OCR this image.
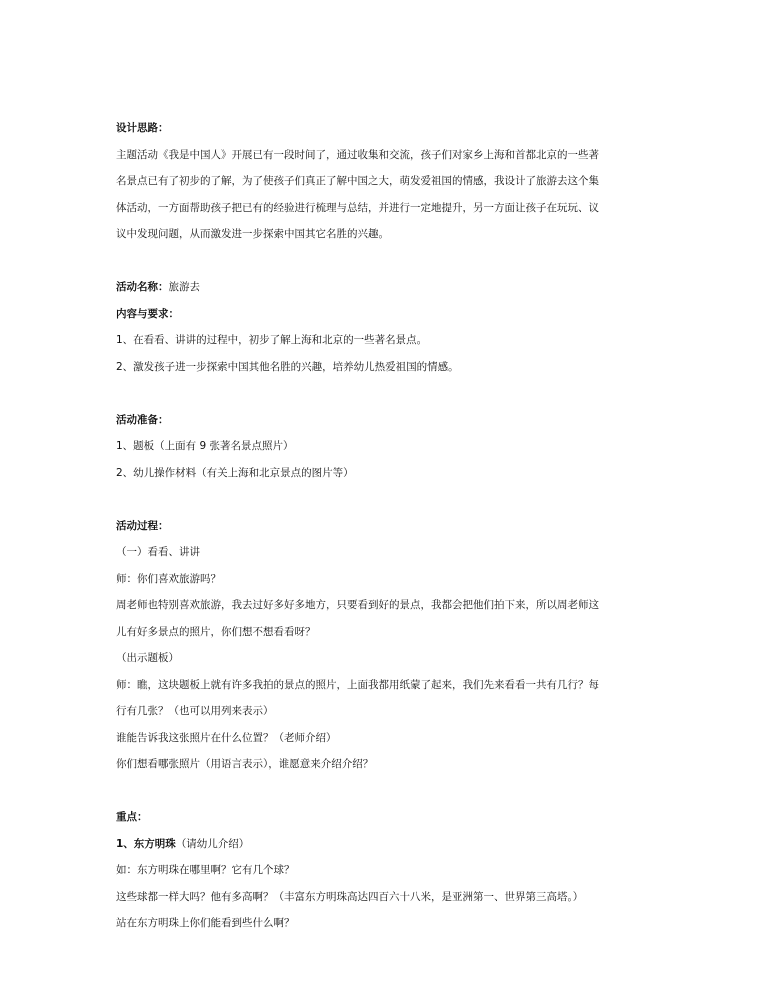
设计思路：
主题活动《我是中国人》开展已有一段时间了，通过收集和交流，孩子们对家乡上海和首都北京的一些著
名景点已有了初步的了解，为了使孩子们真正了解中国之大，萌发爱祖国的情感，我设计了旅游去这个集
体活动，一方面帮助孩子把已有的经验进行梳理与总结，并进行一定地提升，另一方面让孩子在玩玩、议
议中发现问题，从而激发进一步探索中国其它名胜的兴趣。
活动名称：旅游去
内容与要求：
1、在看看、讲讲的过程中，初步了解上海和北京的一些著名景点。
2、激发孩子进一步探索中国其他名胜的兴趣，培养幼儿热爱祖国的情感。
活动准备：
1、题板（上面有 9 张著名景点照片）
2、幼儿操作材料（有关上海和北京景点的图片等）
活动过程：
（一）看看、讲讲
师：你们喜欢旅游吗？
周老师也特别喜欢旅游，我去过好多好多地方，只要看到好的景点，我都会把他们拍下来，所以周老师这
儿有好多景点的照片，你们想不想看看呀？
（出示题板）
师：瞧，这块题板上就有许多我拍的景点的照片，上面我都用纸蒙了起来，我们先来看看一共有几行？每
行有几张？（也可以用列来表示）
谁能告诉我这张照片在什么位置？（老师介绍）
你们想看哪张照片（用语言表示），谁愿意来介绍介绍？
重点：
1、东方明珠（请幼儿介绍）
如：东方明珠在哪里啊？它有几个球？
这些球都一样大吗？他有多高啊？（丰富东方明珠高达四百六十八米，是亚洲第一、世界第三高塔。）
站在东方明珠上你们能看到些什么啊？
